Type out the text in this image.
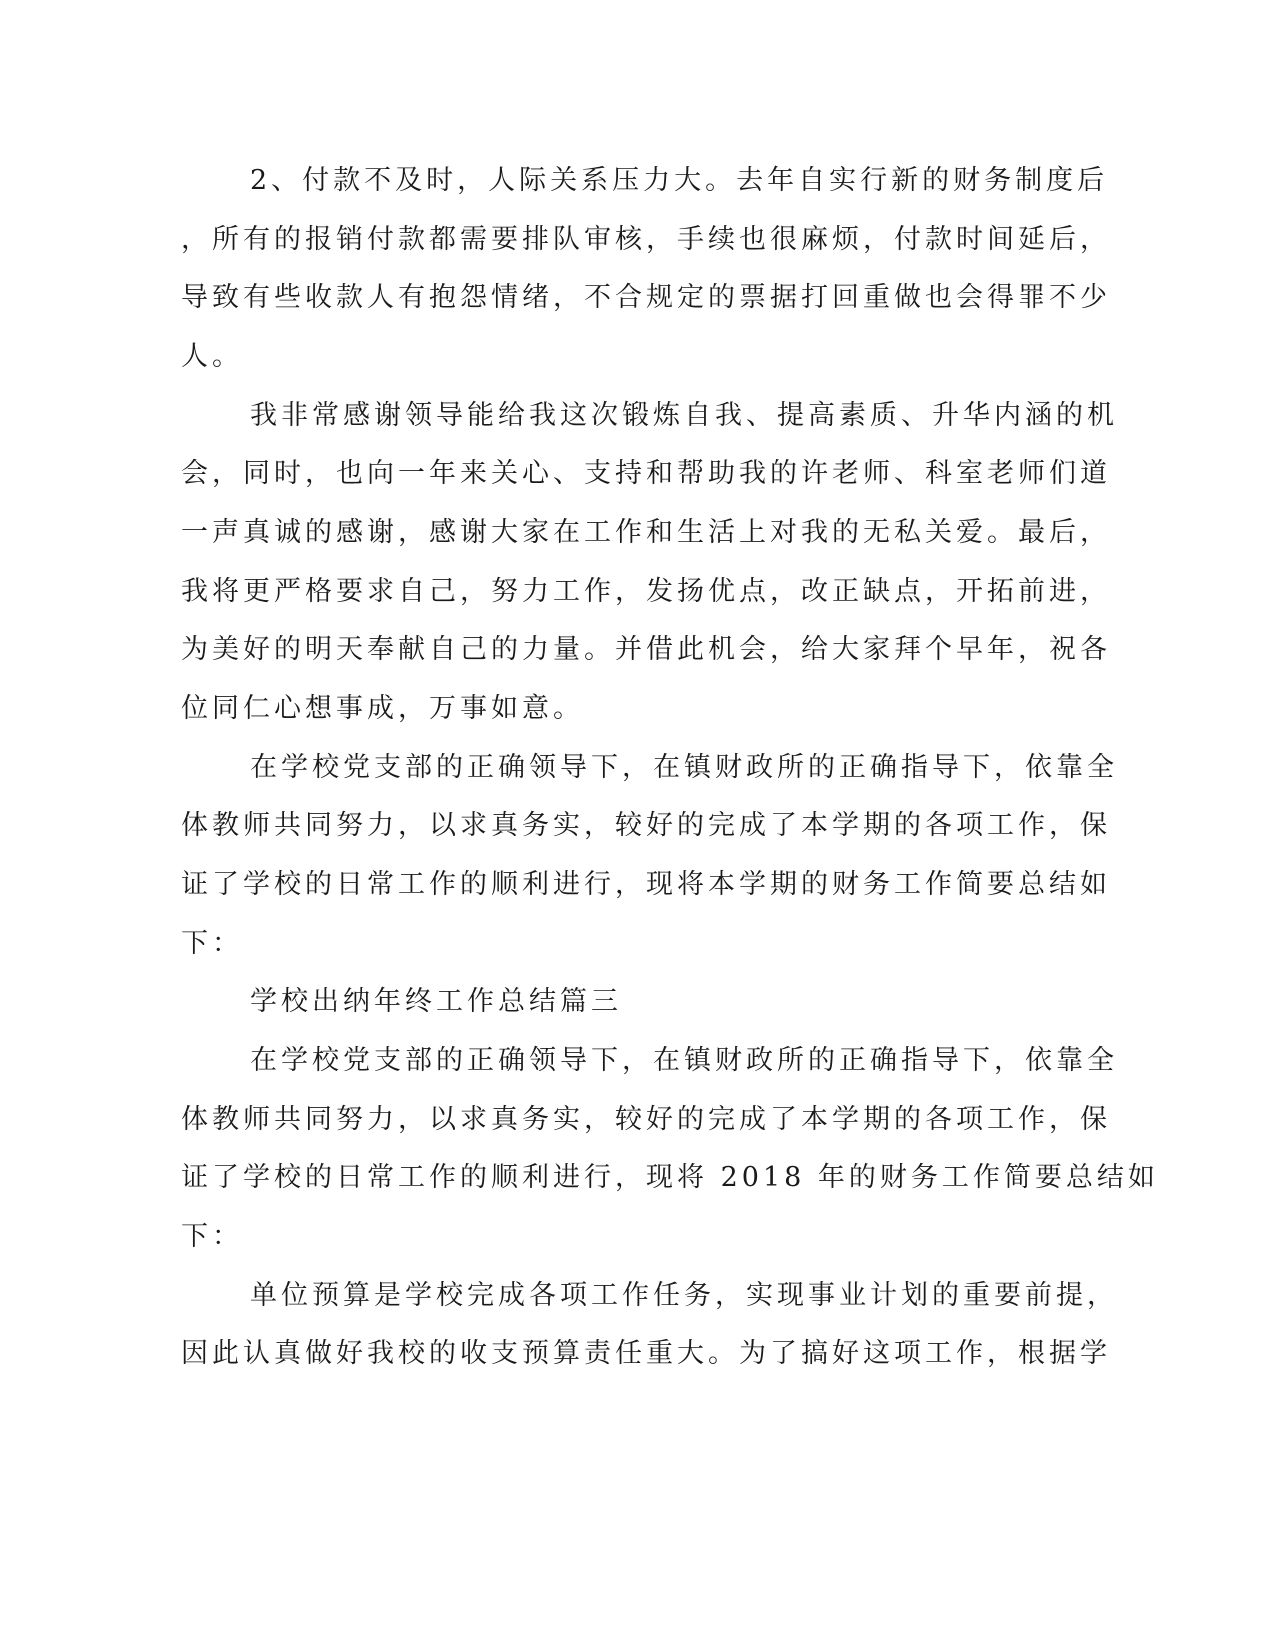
2、付款不及时，人际关系压力大。去年自实行新的财务制度后
，所有的报销付款都需要排队审核，手续也很麻烦，付款时间延后，
导致有些收款人有抱怨情绪，不合规定的票据打回重做也会得罪不少
人。
我非常感谢领导能给我这次锻炼自我、提高素质、升华内涵的机
会，同时，也向一年来关心、支持和帮助我的许老师、科室老师们道
一声真诚的感谢，感谢大家在工作和生活上对我的无私关爱。最后，
我将更严格要求自己，努力工作，发扬优点，改正缺点，开拓前进，
为美好的明天奉献自己的力量。并借此机会，给大家拜个早年，祝各
位同仁心想事成，万事如意。
在学校党支部的正确领导下，在镇财政所的正确指导下，依靠全
体教师共同努力，以求真务实，较好的完成了本学期的各项工作，保
证了学校的日常工作的顺利进行，现将本学期的财务工作简要总结如
下：
学校出纳年终工作总结篇三
在学校党支部的正确领导下，在镇财政所的正确指导下，依靠全
体教师共同努力，以求真务实，较好的完成了本学期的各项工作，保
证了学校的日常工作的顺利进行，现将 2018 年的财务工作简要总结如
下：
单位预算是学校完成各项工作任务，实现事业计划的重要前提，
因此认真做好我校的收支预算责任重大。为了搞好这项工作，根据学
